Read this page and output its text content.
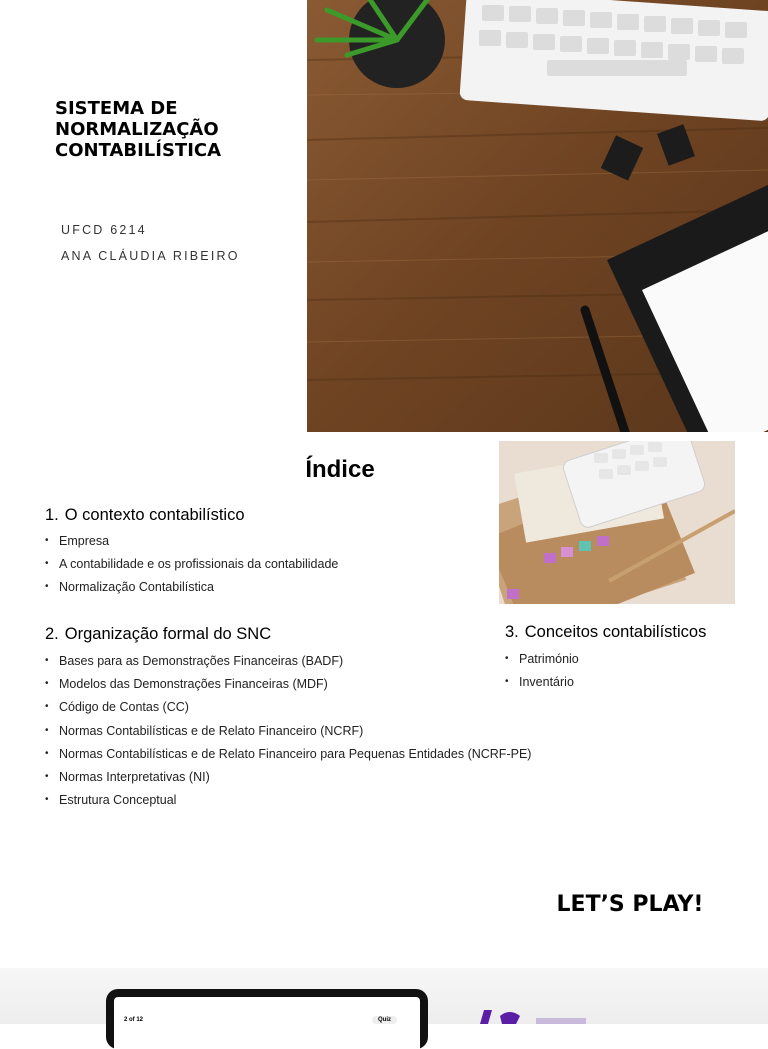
SISTEMA DE
NORMALIZAÇÃO
CONTABILÍSTICA
UFCD 6214
ANA CLÁUDIA RIBEIRO
Índice
1. O contexto contabilístico
• Empresa
• A contabilidade e os profissionais da contabilidade
• Normalização Contabilística
2. Organização formal do SNC
• Bases para as Demonstrações Financeiras (BADF)
• Modelos das Demonstrações Financeiras (MDF)
• Código de Contas (CC)
• Normas Contabilísticas e de Relato Financeiro (NCRF)
• Normas Contabilísticas e de Relato Financeiro para Pequenas Entidades (NCRF-PE)
• Normas Interpretativas (NI)
• Estrutura Conceptual
3. Conceitos contabilísticos
• Património
• Inventário
LET’S PLAY!
2 of 12	Quiz
